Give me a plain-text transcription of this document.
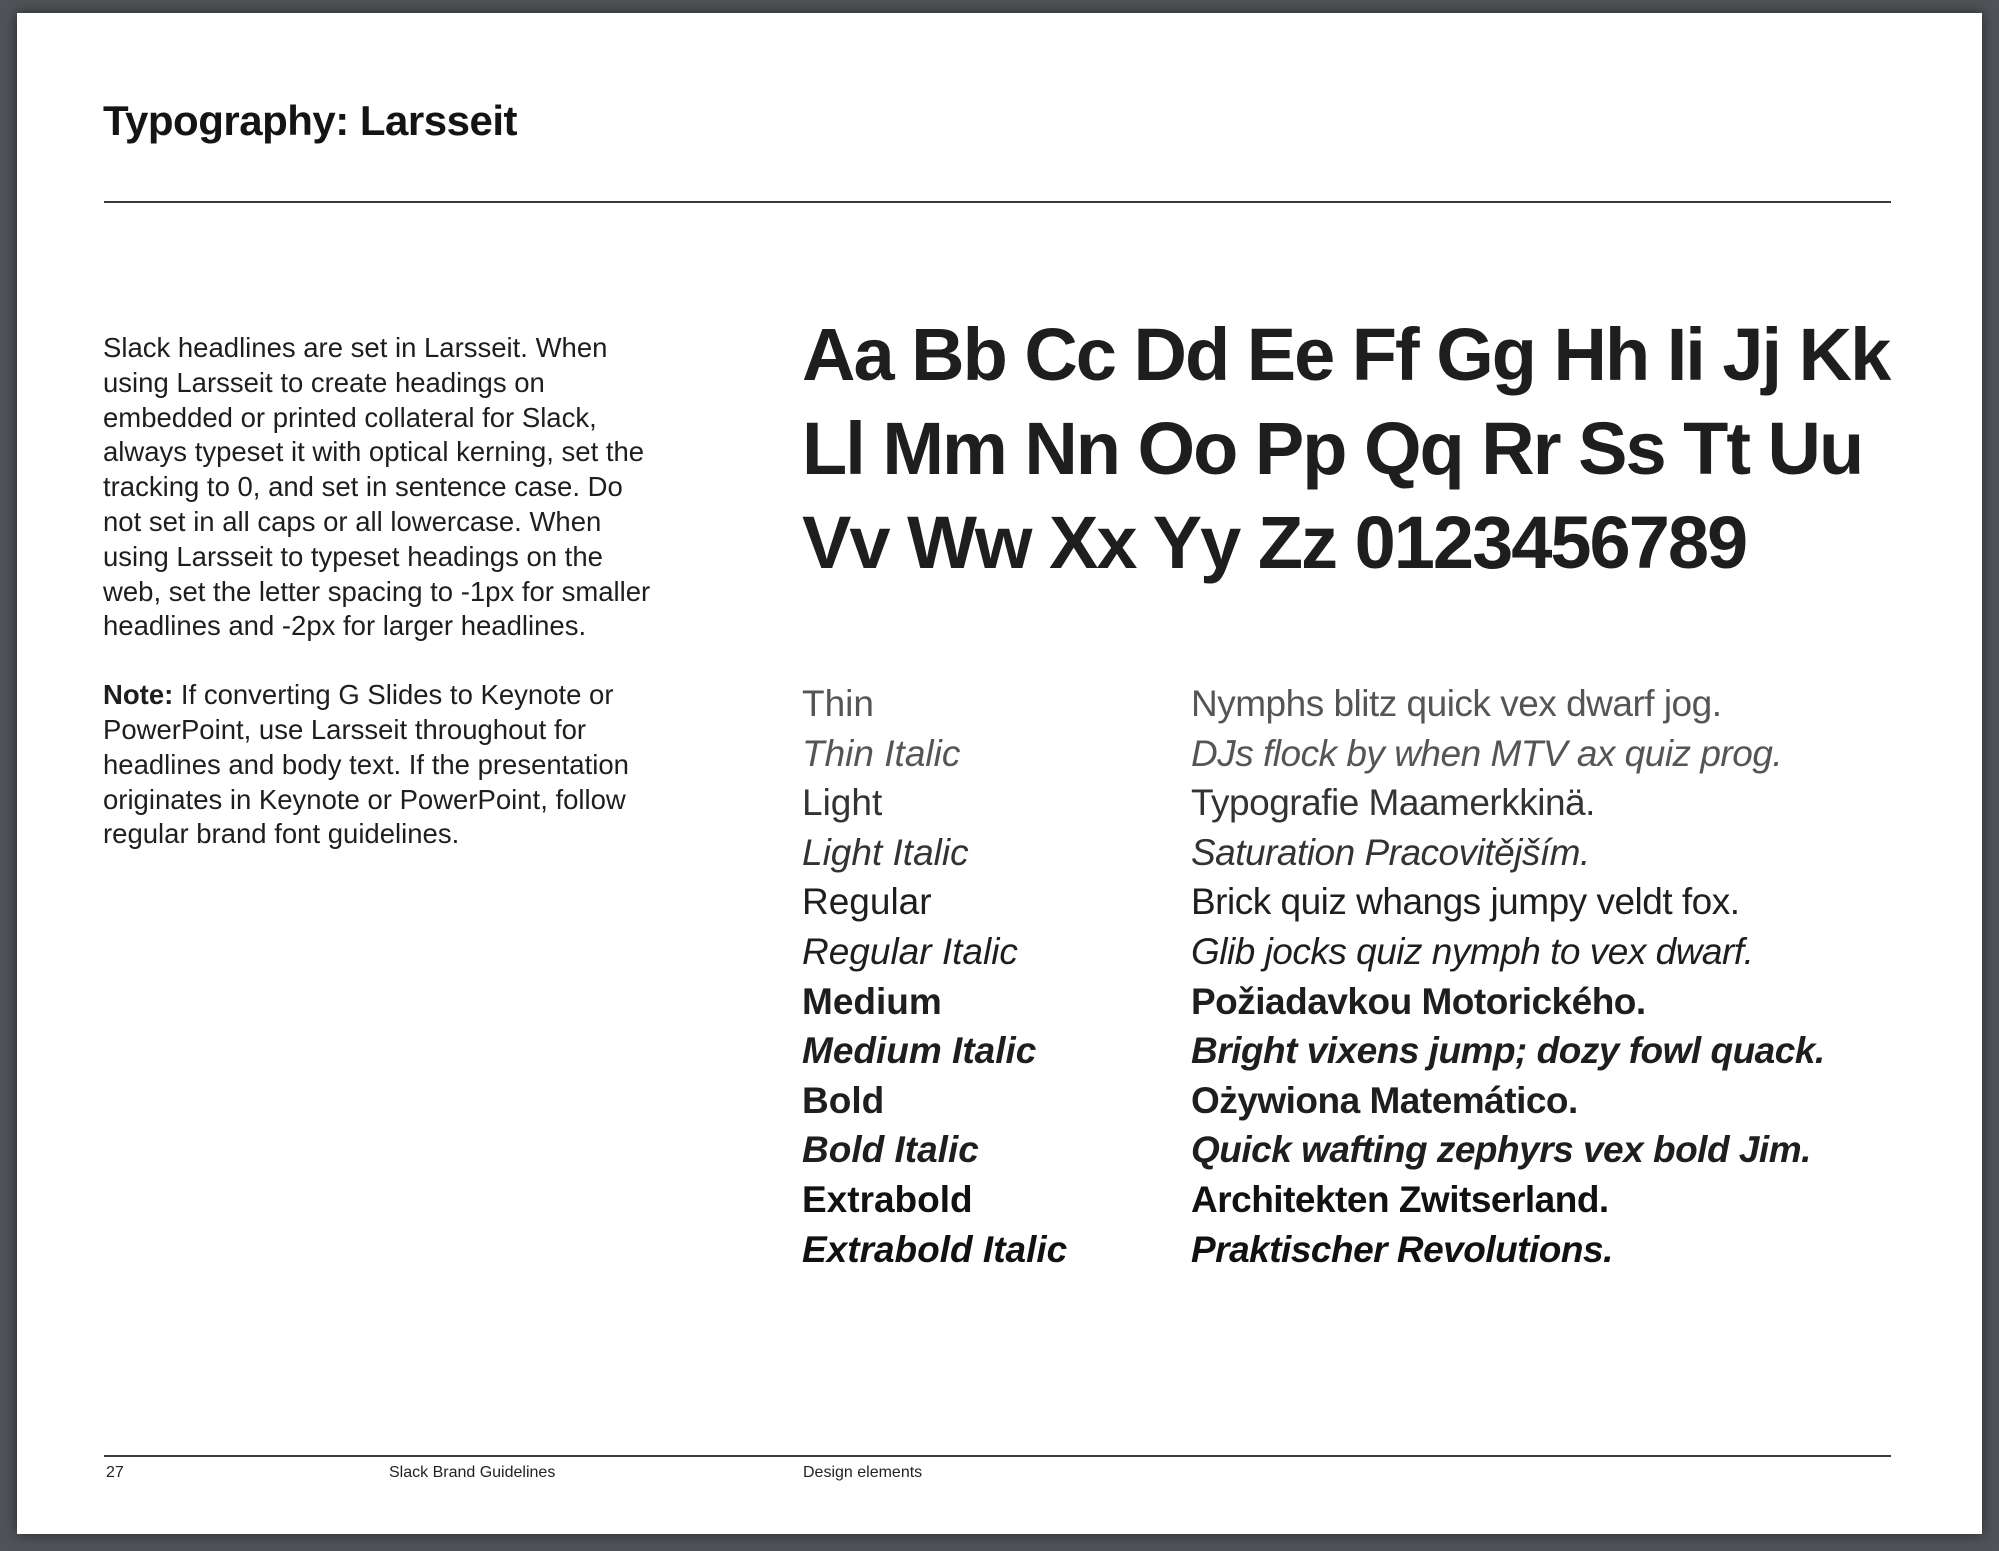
Typography: Larsseit

Slack headlines are set in Larsseit. When using Larsseit to create headings on embedded or printed collateral for Slack, always typeset it with optical kerning, set the tracking to 0, and set in sentence case. Do not set in all caps or all lowercase. When using Larsseit to typeset headings on the web, set the letter spacing to -1px for smaller headlines and -2px for larger headlines.

Note: If converting G Slides to Keynote or PowerPoint, use Larsseit throughout for headlines and body text. If the presentation originates in Keynote or PowerPoint, follow regular brand font guidelines.

Aa Bb Cc Dd Ee Ff Gg Hh Ii Jj Kk
Ll Mm Nn Oo Pp Qq Rr Ss Tt Uu
Vv Ww Xx Yy Zz 0123456789
Thin	Nymphs blitz quick vex dwarf jog.
Thin Italic	DJs flock by when MTV ax quiz prog.
Light	Typografie Maamerkkinä.
Light Italic	Saturation Pracovitějším.
Regular	Brick quiz whangs jumpy veldt fox.
Regular Italic	Glib jocks quiz nymph to vex dwarf.
Medium	Požiadavkou Motorického.
Medium Italic	Bright vixens jump; dozy fowl quack.
Bold	Ożywiona Matemático.
Bold Italic	Quick wafting zephyrs vex bold Jim.
Extrabold	Architekten Zwitserland.
Extrabold Italic	Praktischer Revolutions.
27	Slack Brand Guidelines	Design elements
